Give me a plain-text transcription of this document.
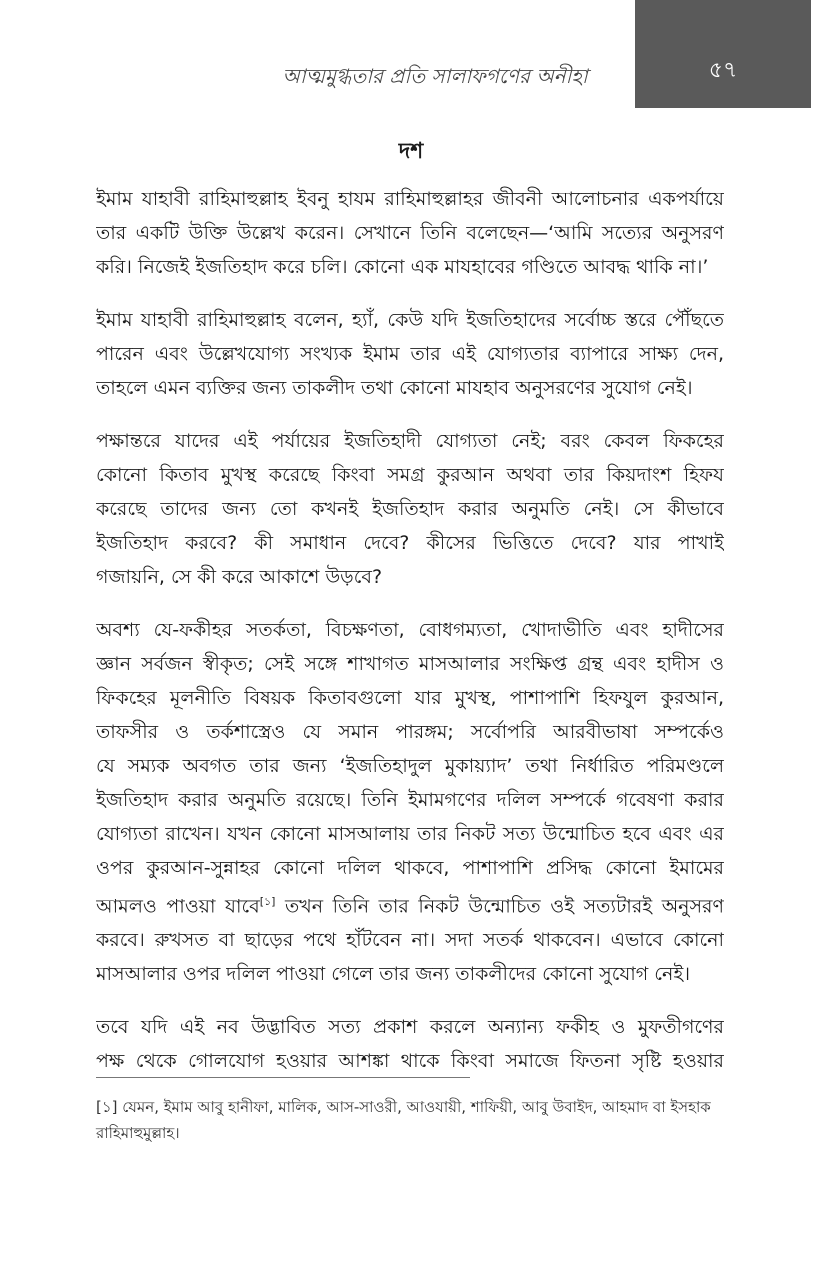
আত্মমুগ্ধতার প্রতি সালাফগণের অনীহা	৫৭
দশ
ইমাম যাহাবী রাহিমাহুল্লাহ ইবনু হাযম রাহিমাহুল্লাহর জীবনী আলোচনার একপর্যায়ে
তার একটি উক্তি উল্লেখ করেন। সেখানে তিনি বলেছেন—‘আমি সত্যের অনুসরণ
করি। নিজেই ইজতিহাদ করে চলি। কোনো এক মাযহাবের গণ্ডিতে আবদ্ধ থাকি না।’
ইমাম যাহাবী রাহিমাহুল্লাহ বলেন, হ্যাঁ, কেউ যদি ইজতিহাদের সর্বোচ্চ স্তরে পৌঁছতে
পারেন এবং উল্লেখযোগ্য সংখ্যক ইমাম তার এই যোগ্যতার ব্যাপারে সাক্ষ্য দেন,
তাহলে এমন ব্যক্তির জন্য তাকলীদ তথা কোনো মাযহাব অনুসরণের সুযোগ নেই।
পক্ষান্তরে যাদের এই পর্যায়ের ইজতিহাদী যোগ্যতা নেই; বরং কেবল ফিকহের
কোনো কিতাব মুখস্থ করেছে কিংবা সমগ্র কুরআন অথবা তার কিয়দাংশ হিফয
করেছে তাদের জন্য তো কখনই ইজতিহাদ করার অনুমতি নেই। সে কীভাবে
ইজতিহাদ করবে? কী সমাধান দেবে? কীসের ভিত্তিতে দেবে? যার পাখাই
গজায়নি, সে কী করে আকাশে উড়বে?
অবশ্য যে-ফকীহর সতর্কতা, বিচক্ষণতা, বোধগম্যতা, খোদাভীতি এবং হাদীসের
জ্ঞান সর্বজন স্বীকৃত; সেই সঙ্গে শাখাগত মাসআলার সংক্ষিপ্ত গ্রন্থ এবং হাদীস ও
ফিকহের মূলনীতি বিষয়ক কিতাবগুলো যার মুখস্থ, পাশাপাশি হিফযুল কুরআন,
তাফসীর ও তর্কশাস্ত্রেও যে সমান পারঙ্গম; সর্বোপরি আরবীভাষা সম্পর্কেও
যে সম্যক অবগত তার জন্য ‘ইজতিহাদুল মুকায়্যাদ’ তথা নির্ধারিত পরিমণ্ডলে
ইজতিহাদ করার অনুমতি রয়েছে। তিনি ইমামগণের দলিল সম্পর্কে গবেষণা করার
যোগ্যতা রাখেন। যখন কোনো মাসআলায় তার নিকট সত্য উন্মোচিত হবে এবং এর
ওপর কুরআন-সুন্নাহর কোনো দলিল থাকবে, পাশাপাশি প্রসিদ্ধ কোনো ইমামের
আমলও পাওয়া যাবে[১] তখন তিনি তার নিকট উন্মোচিত ওই সত্যটারই অনুসরণ
করবে। রুখসত বা ছাড়ের পথে হাঁটবেন না। সদা সতর্ক থাকবেন। এভাবে কোনো
মাসআলার ওপর দলিল পাওয়া গেলে তার জন্য তাকলীদের কোনো সুযোগ নেই।
তবে যদি এই নব উদ্ভাবিত সত্য প্রকাশ করলে অন্যান্য ফকীহ ও মুফতীগণের
পক্ষ থেকে গোলযোগ হওয়ার আশঙ্কা থাকে কিংবা সমাজে ফিতনা সৃষ্টি হওয়ার
[১] যেমন, ইমাম আবু হানীফা, মালিক, আস-সাওরী, আওযায়ী, শাফিয়ী, আবু উবাইদ, আহমাদ বা ইসহাক রাহিমাহুমুল্লাহ।
